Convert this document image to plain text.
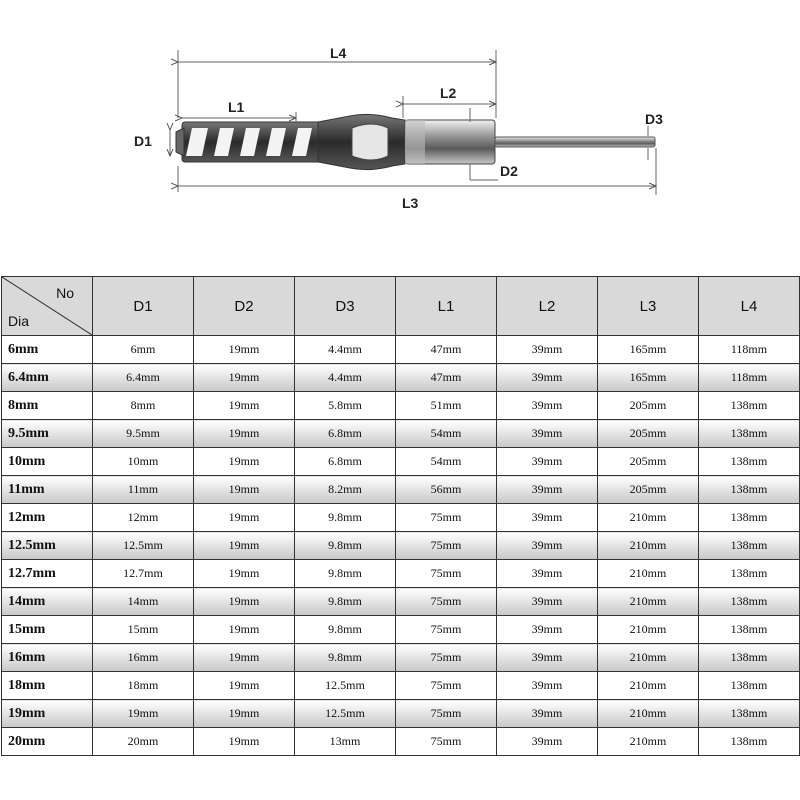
L4
L1
L2
D1
D3
D2
L3
No
Dia	D1	D2	D3	L1	L2	L3	L4
6mm	6mm	19mm	4.4mm	47mm	39mm	165mm	118mm
6.4mm	6.4mm	19mm	4.4mm	47mm	39mm	165mm	118mm
8mm	8mm	19mm	5.8mm	51mm	39mm	205mm	138mm
9.5mm	9.5mm	19mm	6.8mm	54mm	39mm	205mm	138mm
10mm	10mm	19mm	6.8mm	54mm	39mm	205mm	138mm
11mm	11mm	19mm	8.2mm	56mm	39mm	205mm	138mm
12mm	12mm	19mm	9.8mm	75mm	39mm	210mm	138mm
12.5mm	12.5mm	19mm	9.8mm	75mm	39mm	210mm	138mm
12.7mm	12.7mm	19mm	9.8mm	75mm	39mm	210mm	138mm
14mm	14mm	19mm	9.8mm	75mm	39mm	210mm	138mm
15mm	15mm	19mm	9.8mm	75mm	39mm	210mm	138mm
16mm	16mm	19mm	9.8mm	75mm	39mm	210mm	138mm
18mm	18mm	19mm	12.5mm	75mm	39mm	210mm	138mm
19mm	19mm	19mm	12.5mm	75mm	39mm	210mm	138mm
20mm	20mm	19mm	13mm	75mm	39mm	210mm	138mm
